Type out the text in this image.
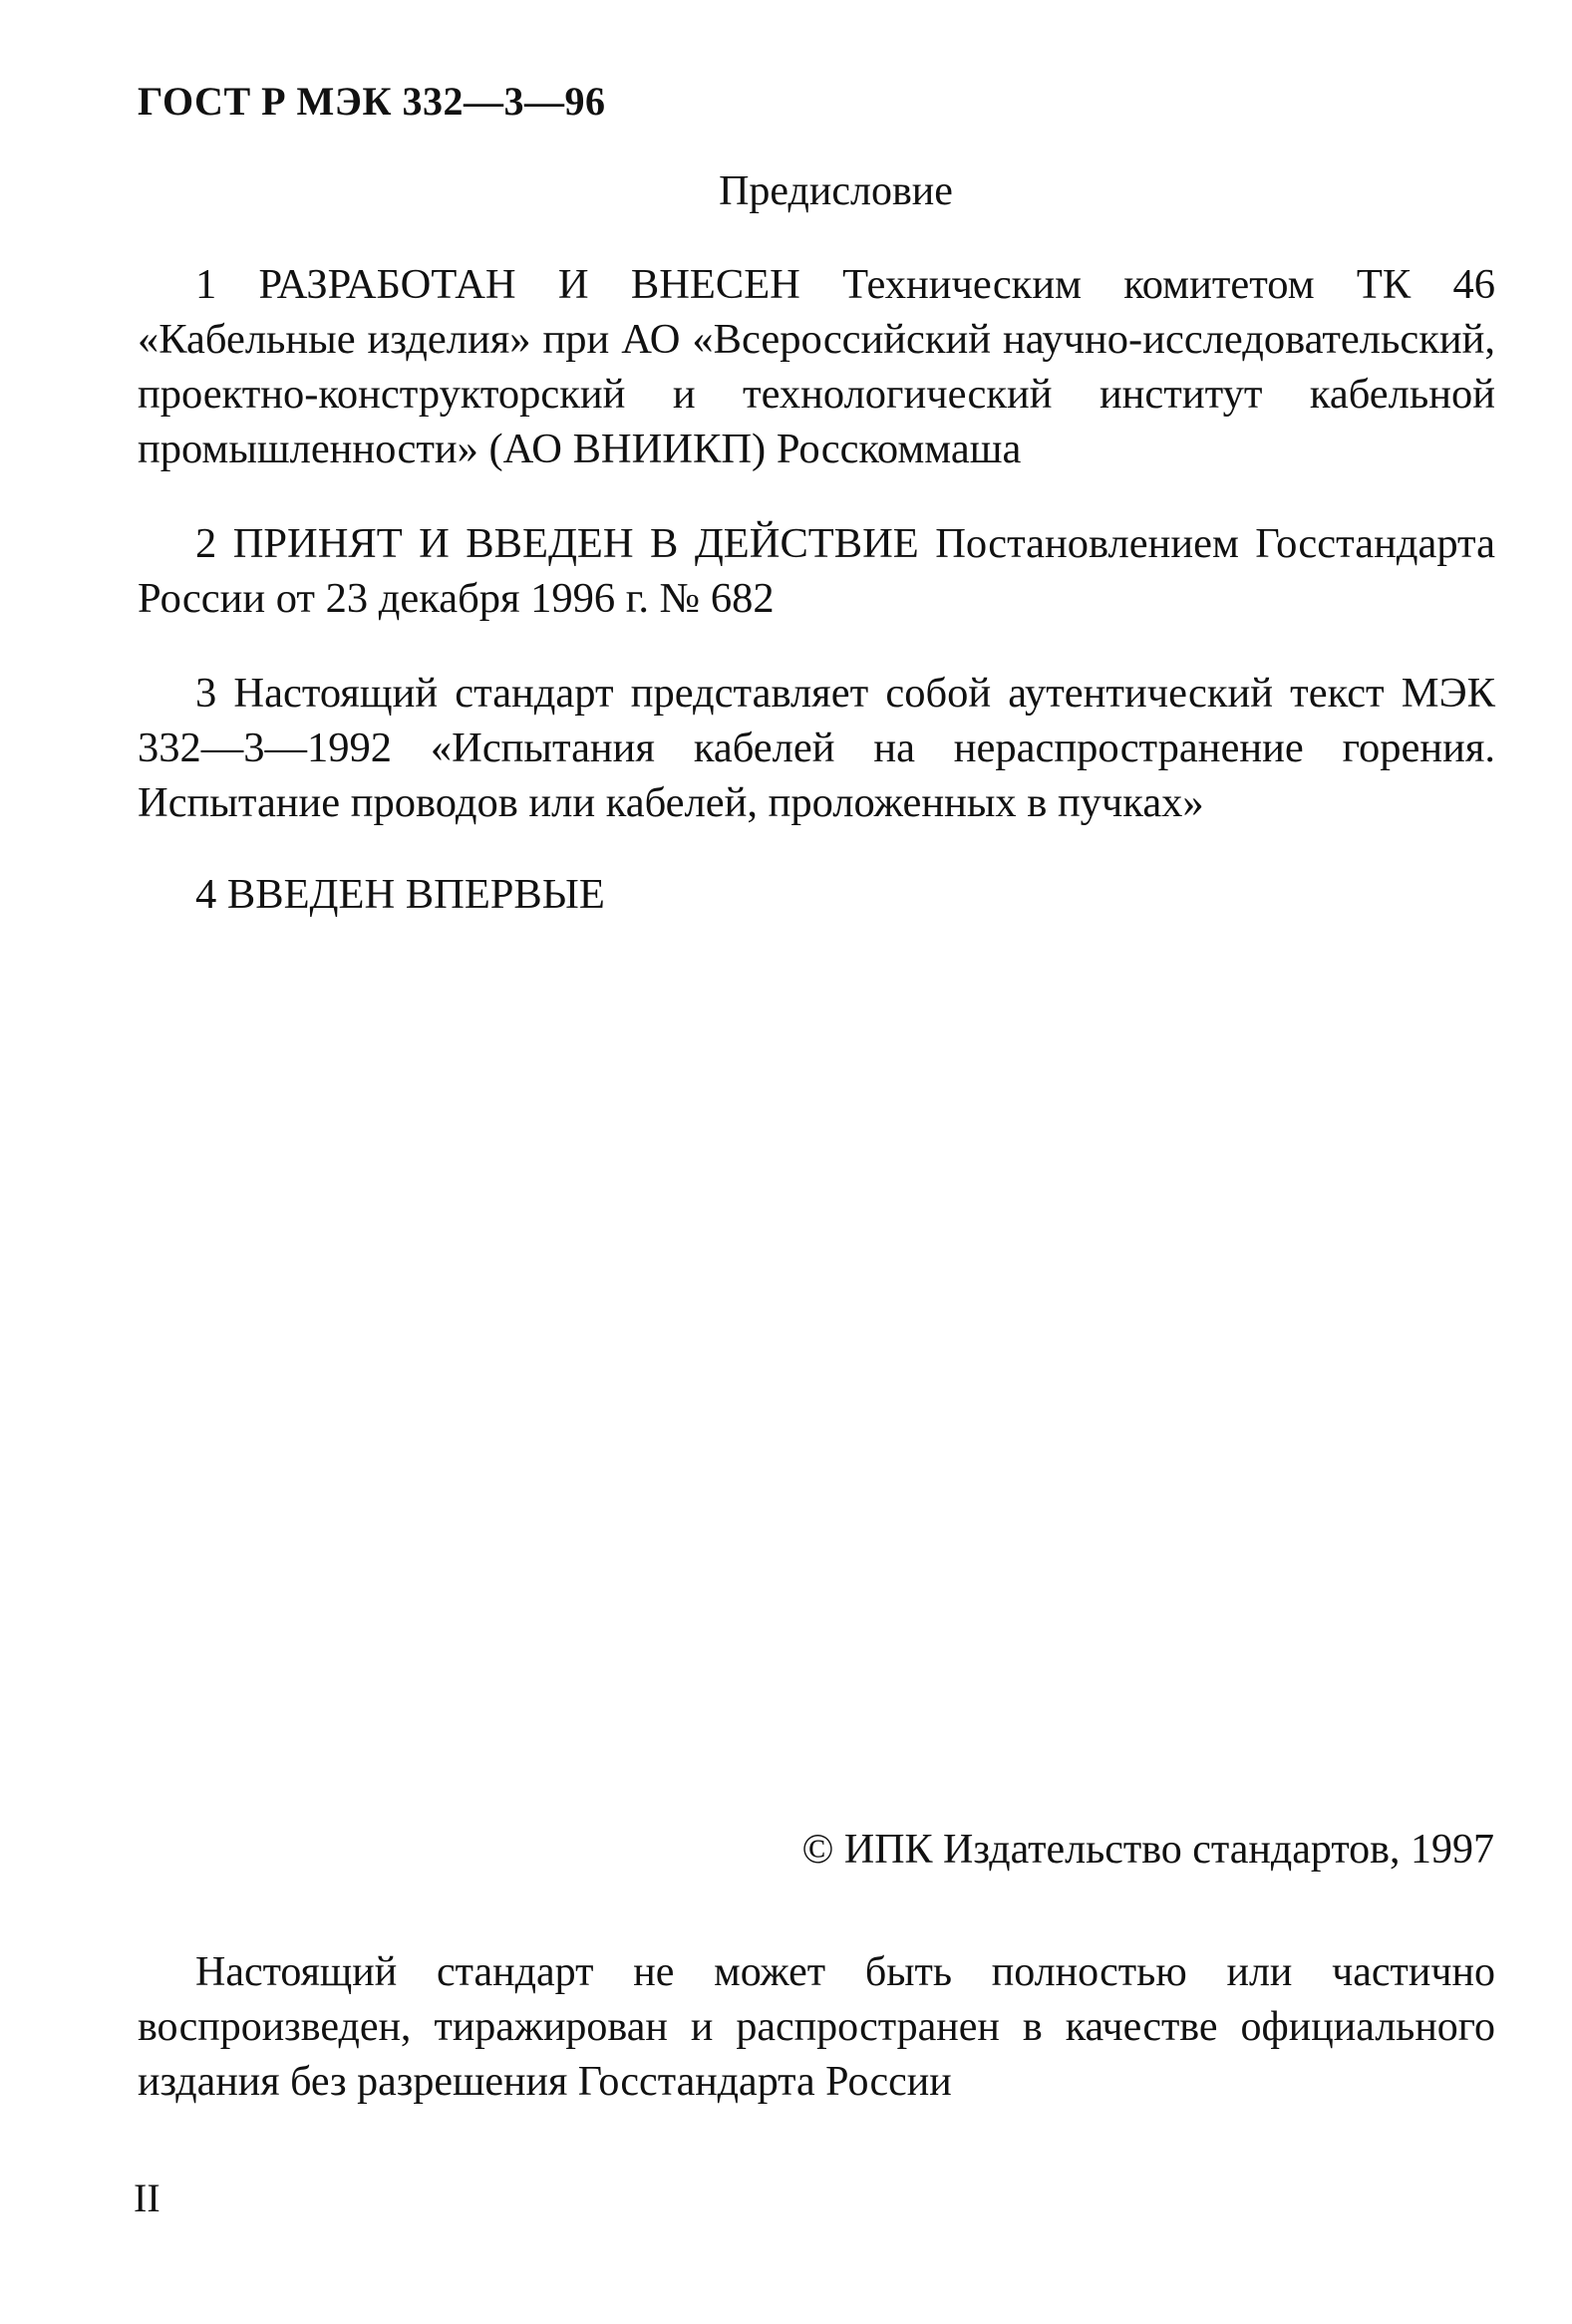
ГОСТ Р МЭК 332—3—96
Предисловие
1 РАЗРАБОТАН И ВНЕСЕН Техническим комитетом ТК 46 «Кабельные изделия» при АО «Всероссийский научно-исследовательский, проектно-конструкторский и технологический институт кабельной промышленности» (АО ВНИИКП) Росскоммаша
2 ПРИНЯТ И ВВЕДЕН В ДЕЙСТВИЕ Постановлением Госстандарта России от 23 декабря 1996 г. № 682
3 Настоящий стандарт представляет собой аутентический текст МЭК 332—3—1992 «Испытания кабелей на нераспространение горения. Испытание проводов или кабелей, проложенных в пучках»
4 ВВЕДЕН ВПЕРВЫЕ
© ИПК Издательство стандартов, 1997
Настоящий стандарт не может быть полностью или частично воспроизведен, тиражирован и распространен в качестве официального издания без разрешения Госстандарта России
II
